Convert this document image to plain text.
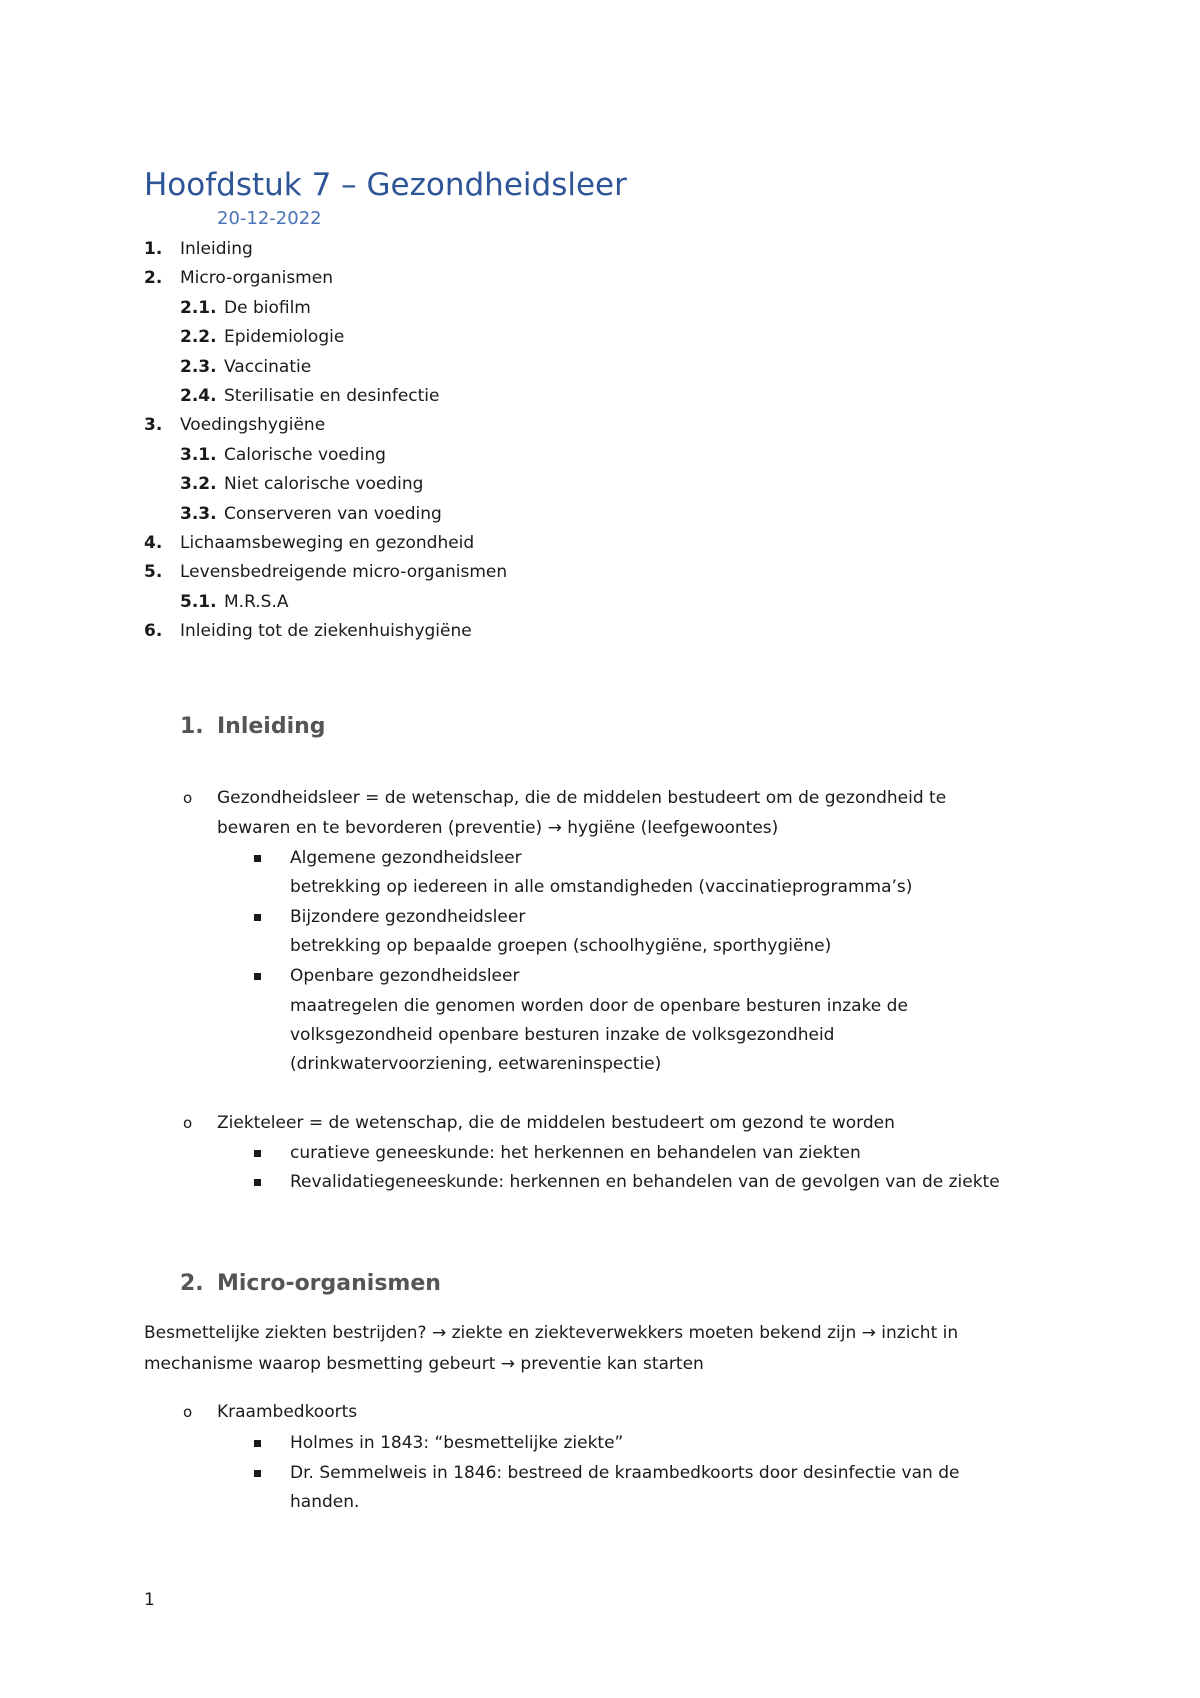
Hoofdstuk 7 – Gezondheidsleer
20-12-2022
1. Inleiding
2. Micro-organismen
2.1. De biofilm
2.2. Epidemiologie
2.3. Vaccinatie
2.4. Sterilisatie en desinfectie
3. Voedingshygiëne
3.1. Calorische voeding
3.2. Niet calorische voeding
3.3. Conserveren van voeding
4. Lichaamsbeweging en gezondheid
5. Levensbedreigende micro-organismen
5.1. M.R.S.A
6. Inleiding tot de ziekenhuishygiëne
1. Inleiding
o Gezondheidsleer = de wetenschap, die de middelen bestudeert om de gezondheid te
bewaren en te bevorderen (preventie) → hygiëne (leefgewoontes)
Algemene gezondheidsleer
betrekking op iedereen in alle omstandigheden (vaccinatieprogramma’s)
Bijzondere gezondheidsleer
betrekking op bepaalde groepen (schoolhygiëne, sporthygiëne)
Openbare gezondheidsleer
maatregelen die genomen worden door de openbare besturen inzake de
volksgezondheid openbare besturen inzake de volksgezondheid
(drinkwatervoorziening, eetwareninspectie)
o Ziekteleer = de wetenschap, die de middelen bestudeert om gezond te worden
curatieve geneeskunde: het herkennen en behandelen van ziekten
Revalidatiegeneeskunde: herkennen en behandelen van de gevolgen van de ziekte
2. Micro-organismen
Besmettelijke ziekten bestrijden? → ziekte en ziekteverwekkers moeten bekend zijn → inzicht in
mechanisme waarop besmetting gebeurt → preventie kan starten
o Kraambedkoorts
Holmes in 1843: “besmettelijke ziekte”
Dr. Semmelweis in 1846: bestreed de kraambedkoorts door desinfectie van de
handen.
1
